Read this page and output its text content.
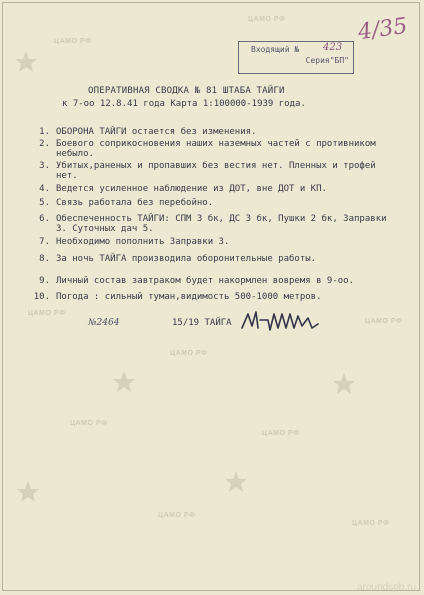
Входящий №
Серия"БП"
423
4/35
ОПЕРАТИВНАЯ СВОДКА № 81 ШТАБА ТАЙГИ
к 7-оо 12.8.41 года Карта 1:100000-1939 года.
1. ОБОРОНА ТАЙГИ остается без изменения.
2. Боевого соприкосновения наших наземных частей с противником
небыло.
3. Убитых,раненых и пропавших без вестия нет. Пленных и трофей
нет.
4. Ведется усиленное наблюдение из ДОТ, вне ДОТ и КП.
5. Связь работала без перебойно.
6. Обеспеченность ТАЙГИ: СПМ 3 бк, ДС 3 бк, Пушки 2 бк, Заправки
3. Суточных дач 5.
7. Необходимо пополнить Заправки 3.
8. За ночь ТАЙГА производила оборонительные работы.
9. Личный состав завтраком будет накормлен вовремя в 9-оо.
10. Погода : сильный туман,видимость 500-1000 метров.
№2464	15/19 ТАЙГА
ЦАМО РФ
ЦАМО РФ
ЦАМО РФ
ЦАМО РФ
ЦАМО РФ
ЦАМО РФ
ЦАМО РФ
ЦАМО РФ
ЦАМО РФ
aroundspb.ru
